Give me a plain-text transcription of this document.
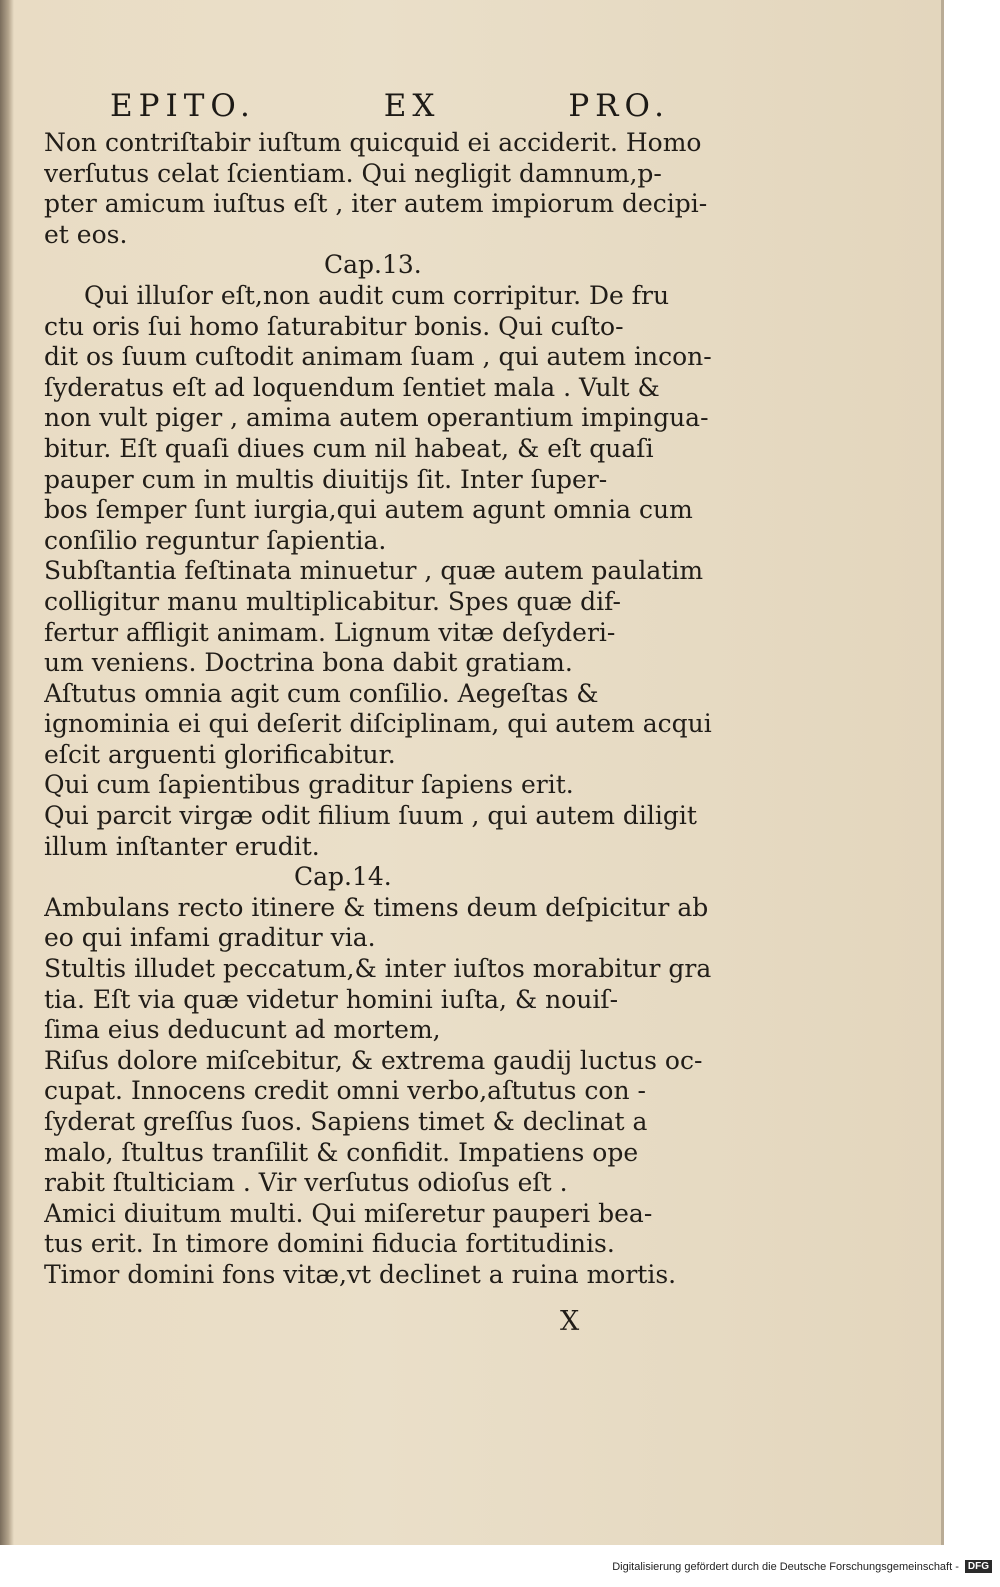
EPITO.	EX	PRO.
Non contriſtabir iuſtum quicquid ei acciderit. Homo
verſutus celat ſcientiam. Qui negligit damnum,p-
pter amicum iuſtus eſt , iter autem impiorum decipi-
et eos.
Cap.13.
Qui illuſor eſt,non audit cum corripitur. De fru
ctu oris ſui homo ſaturabitur bonis. Qui cuſto-
dit os ſuum cuſtodit animam ſuam , qui autem incon-
ſyderatus eſt ad loquendum ſentiet mala . Vult &
non vult piger , amima autem operantium impingua-
bitur. Eſt quaſi diues cum nil habeat, & eſt quaſi
pauper cum in multis diuitijs ſit. Inter ſuper-
bos ſemper ſunt iurgia,qui autem agunt omnia cum
conſilio reguntur ſapientia.
Subſtantia feſtinata minuetur , quæ autem paulatim
colligitur manu multiplicabitur. Spes quæ dif-
fertur affligit animam. Lignum vitæ deſyderi-
um veniens. Doctrina bona dabit gratiam.
Aſtutus omnia agit cum conſilio. Aegeſtas &
ignominia ei qui deſerit diſciplinam, qui autem acqui
eſcit arguenti glorificabitur.
Qui cum ſapientibus graditur ſapiens erit.
Qui parcit virgæ odit filium ſuum , qui autem diligit
illum inſtanter erudit.
Cap.14.
Ambulans recto itinere & timens deum deſpicitur ab
eo qui infami graditur via.
Stultis illudet peccatum,& inter iuſtos morabitur gra
tia. Eſt via quæ videtur homini iuſta, & nouiſ-
ſima eius deducunt ad mortem,
Riſus dolore miſcebitur, & extrema gaudij luctus oc-
cupat. Innocens credit omni verbo,aſtutus con -
ſyderat greſſus ſuos. Sapiens timet & declinat a
malo, ſtultus tranſilit & confidit. Impatiens ope
rabit ſtulticiam . Vir verſutus odioſus eſt .
Amici diuitum multi. Qui miſeretur pauperi bea-
tus erit. In timore domini fiducia fortitudinis.
Timor domini fons vitæ,vt declinet a ruina mortis.
X
Digitalisierung gefördert durch die Deutsche Forschungsgemeinschaft - DFG
